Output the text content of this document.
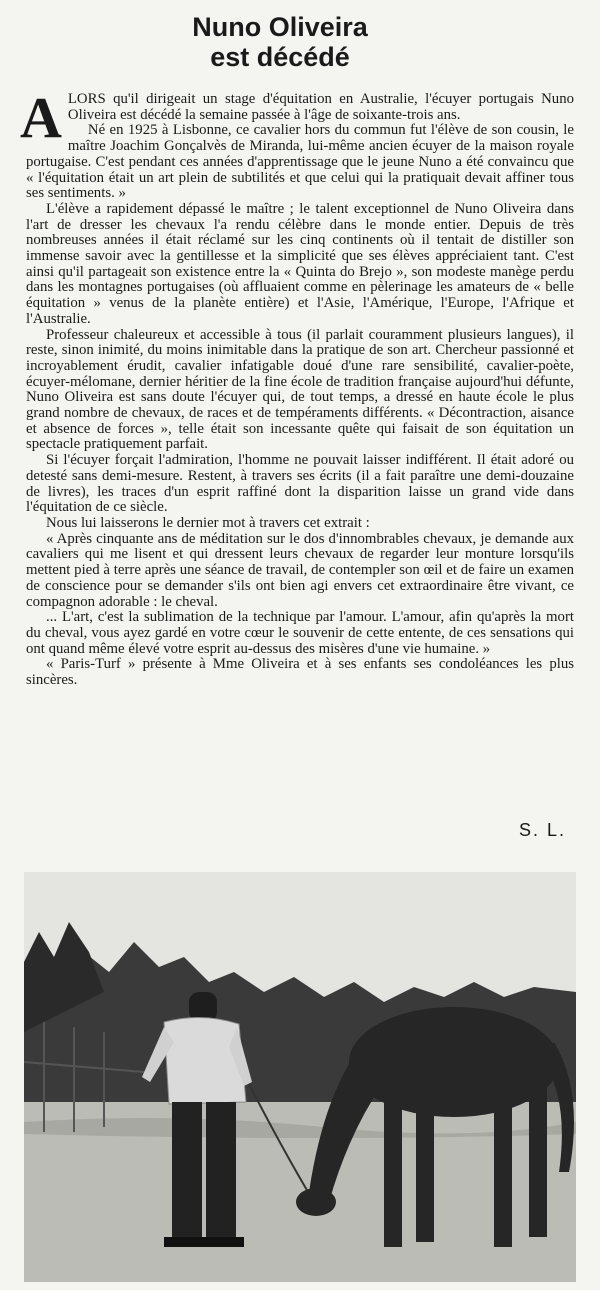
Nuno Oliveira
est décédé

ALORS qu'il dirigeait un stage d'équitation en Australie, l'écuyer portugais Nuno Oliveira est décédé la semaine passée à l'âge de soixante-trois ans.

Né en 1925 à Lisbonne, ce cavalier hors du commun fut l'élève de son cousin, le maître Joachim Gonçalvès de Miranda, lui-même ancien écuyer de la maison royale portugaise. C'est pendant ces années d'apprentissage que le jeune Nuno a été convaincu que « l'équitation était un art plein de subtilités et que celui qui la pratiquait devait affiner tous ses sentiments. »

L'élève a rapidement dépassé le maître ; le talent exceptionnel de Nuno Oliveira dans l'art de dresser les chevaux l'a rendu célèbre dans le monde entier. Depuis de très nombreuses années il était réclamé sur les cinq continents où il tentait de distiller son immense savoir avec la gentillesse et la simplicité que ses élèves appréciaient tant. C'est ainsi qu'il partageait son existence entre la « Quinta do Brejo », son modeste manège perdu dans les montagnes portugaises (où affluaient comme en pèlerinage les amateurs de « belle équitation » venus de la planète entière) et l'Asie, l'Amérique, l'Europe, l'Afrique et l'Australie.

Professeur chaleureux et accessible à tous (il parlait couramment plusieurs langues), il reste, sinon inimité, du moins inimitable dans la pratique de son art. Chercheur passionné et incroyablement érudit, cavalier infatigable doué d'une rare sensibilité, cavalier-poète, écuyer-mélomane, dernier héritier de la fine école de tradition française aujourd'hui défunte, Nuno Oliveira est sans doute l'écuyer qui, de tout temps, a dressé en haute école le plus grand nombre de chevaux, de races et de tempéraments différents. « Décontraction, aisance et absence de forces », telle était son incessante quête qui faisait de son équitation un spectacle pratiquement parfait.

Si l'écuyer forçait l'admiration, l'homme ne pouvait laisser indifférent. Il était adoré ou detesté sans demi-mesure. Restent, à travers ses écrits (il a fait paraître une demi-douzaine de livres), les traces d'un esprit raffiné dont la disparition laisse un grand vide dans l'équitation de ce siècle.

Nous lui laisserons le dernier mot à travers cet extrait :

« Après cinquante ans de méditation sur le dos d'innombrables chevaux, je demande aux cavaliers qui me lisent et qui dressent leurs chevaux de regarder leur monture lorsqu'ils mettent pied à terre après une séance de travail, de contempler son œil et de faire un examen de conscience pour se demander s'ils ont bien agi envers cet extraordinaire être vivant, ce compagnon adorable : le cheval.

... L'art, c'est la sublimation de la technique par l'amour. L'amour, afin qu'après la mort du cheval, vous ayez gardé en votre cœur le souvenir de cette entente, de ces sensations qui ont quand même élevé votre esprit au-dessus des misères d'une vie humaine. »

« Paris-Turf » présente à Mme Oliveira et à ses enfants ses condoléances les plus sincères.

S. L.
